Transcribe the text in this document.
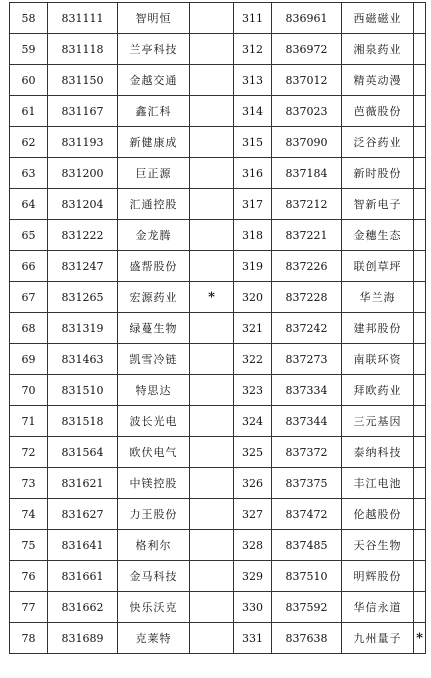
58	831111	智明恒		311	836961	西磁磁业	
59	831118	兰亭科技		312	836972	湘泉药业	
60	831150	金越交通		313	837012	精英动漫	
61	831167	鑫汇科		314	837023	芭薇股份	
62	831193	新健康成		315	837090	泛谷药业	
63	831200	巨正源		316	837184	新时股份	
64	831204	汇通控股		317	837212	智新电子	
65	831222	金龙腾		318	837221	金穗生态	
66	831247	盛帮股份		319	837226	联创草坪	
67	831265	宏源药业	*	320	837228	华兰海	
68	831319	绿蔓生物		321	837242	建邦股份	
69	831463	凯雪冷链		322	837273	南联环资	
70	831510	特思达		323	837334	拜欧药业	
71	831518	波长光电		324	837344	三元基因	
72	831564	欧伏电气		325	837372	泰纳科技	
73	831621	中镁控股		326	837375	丰江电池	
74	831627	力王股份		327	837472	伦越股份	
75	831641	格利尔		328	837485	天谷生物	
76	831661	金马科技		329	837510	明辉股份	
77	831662	快乐沃克		330	837592	华信永道	
78	831689	克莱特		331	837638	九州量子	*
